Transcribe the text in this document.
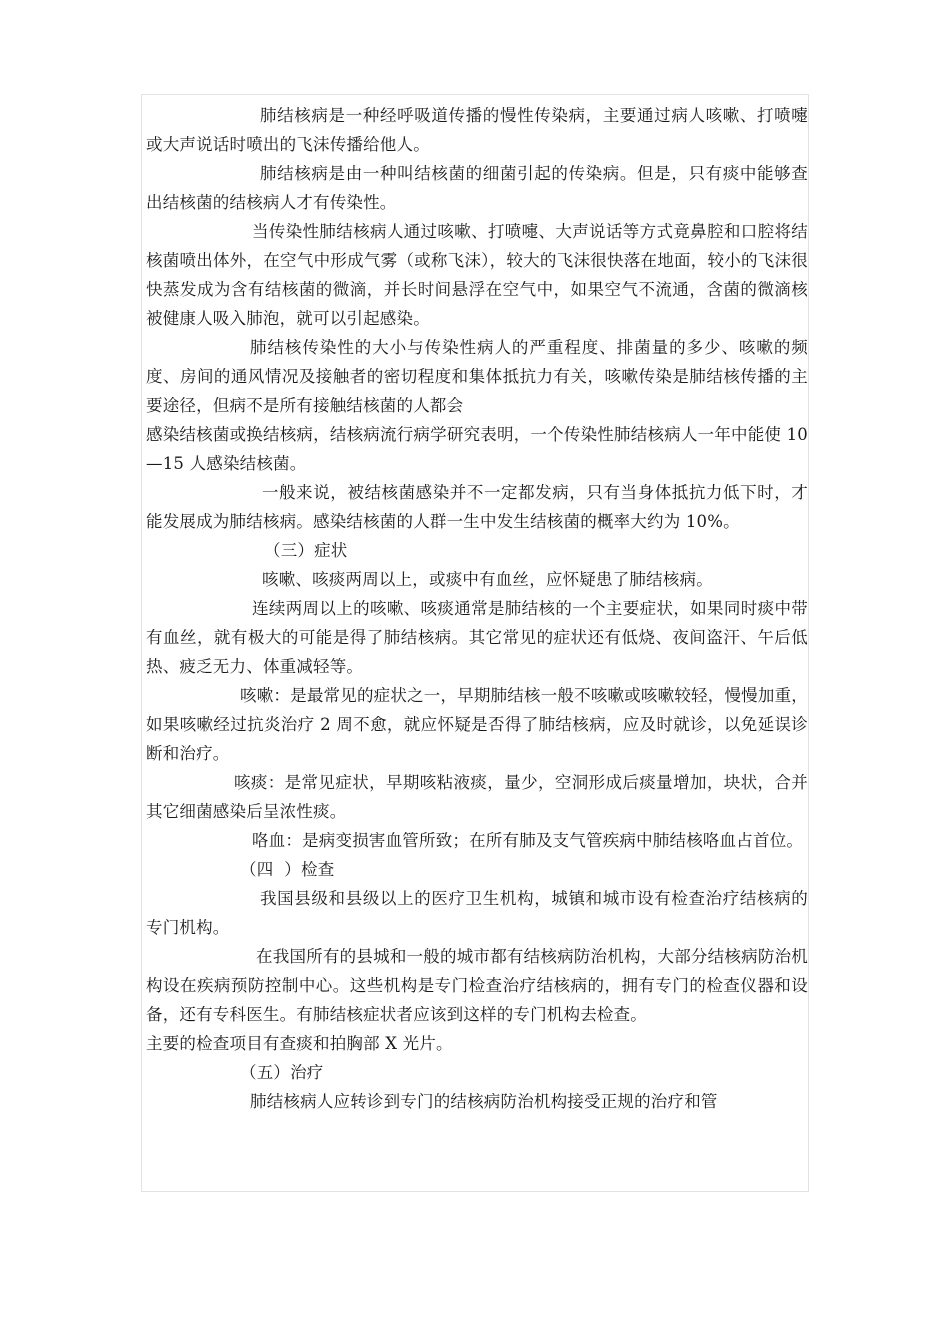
肺结核病是一种经呼吸道传播的慢性传染病，主要通过病人咳嗽、打喷嚏或大声说话时喷出的飞沫传播给他人。

肺结核病是由一种叫结核菌的细菌引起的传染病。但是，只有痰中能够查出结核菌的结核病人才有传染性。

当传染性肺结核病人通过咳嗽、打喷嚏、大声说话等方式竟鼻腔和口腔将结核菌喷出体外，在空气中形成气雾（或称飞沫），较大的飞沫很快落在地面，较小的飞沫很快蒸发成为含有结核菌的微滴，并长时间悬浮在空气中，如果空气不流通，含菌的微滴核被健康人吸入肺泡，就可以引起感染。

肺结核传染性的大小与传染性病人的严重程度、排菌量的多少、咳嗽的频度、房间的通风情况及接触者的密切程度和集体抵抗力有关，咳嗽传染是肺结核传播的主要途径，但病不是所有接触结核菌的人都会

感染结核菌或换结核病，结核病流行病学研究表明，一个传染性肺结核病人一年中能使 10—15 人感染结核菌。

一般来说，被结核菌感染并不一定都发病，只有当身体抵抗力低下时，才能发展成为肺结核病。感染结核菌的人群一生中发生结核菌的概率大约为 10%。

（三）症状

咳嗽、咳痰两周以上，或痰中有血丝，应怀疑患了肺结核病。

连续两周以上的咳嗽、咳痰通常是肺结核的一个主要症状，如果同时痰中带有血丝，就有极大的可能是得了肺结核病。其它常见的症状还有低烧、夜间盗汗、午后低热、疲乏无力、体重减轻等。

咳嗽：是最常见的症状之一，早期肺结核一般不咳嗽或咳嗽较轻，慢慢加重，如果咳嗽经过抗炎治疗 2 周不愈，就应怀疑是否得了肺结核病，应及时就诊，以免延误诊断和治疗。

咳痰：是常见症状，早期咳粘液痰，量少，空洞形成后痰量增加，块状，合并其它细菌感染后呈浓性痰。

咯血：是病变损害血管所致；在所有肺及支气管疾病中肺结核咯血占首位。

（四  ）检查

我国县级和县级以上的医疗卫生机构，城镇和城市设有检查治疗结核病的专门机构。

在我国所有的县城和一般的城市都有结核病防治机构，大部分结核病防治机构设在疾病预防控制中心。这些机构是专门检查治疗结核病的，拥有专门的检查仪器和设备，还有专科医生。有肺结核症状者应该到这样的专门机构去检查。

主要的检查项目有查痰和拍胸部 X 光片。

（五）治疗

肺结核病人应转诊到专门的结核病防治机构接受正规的治疗和管
